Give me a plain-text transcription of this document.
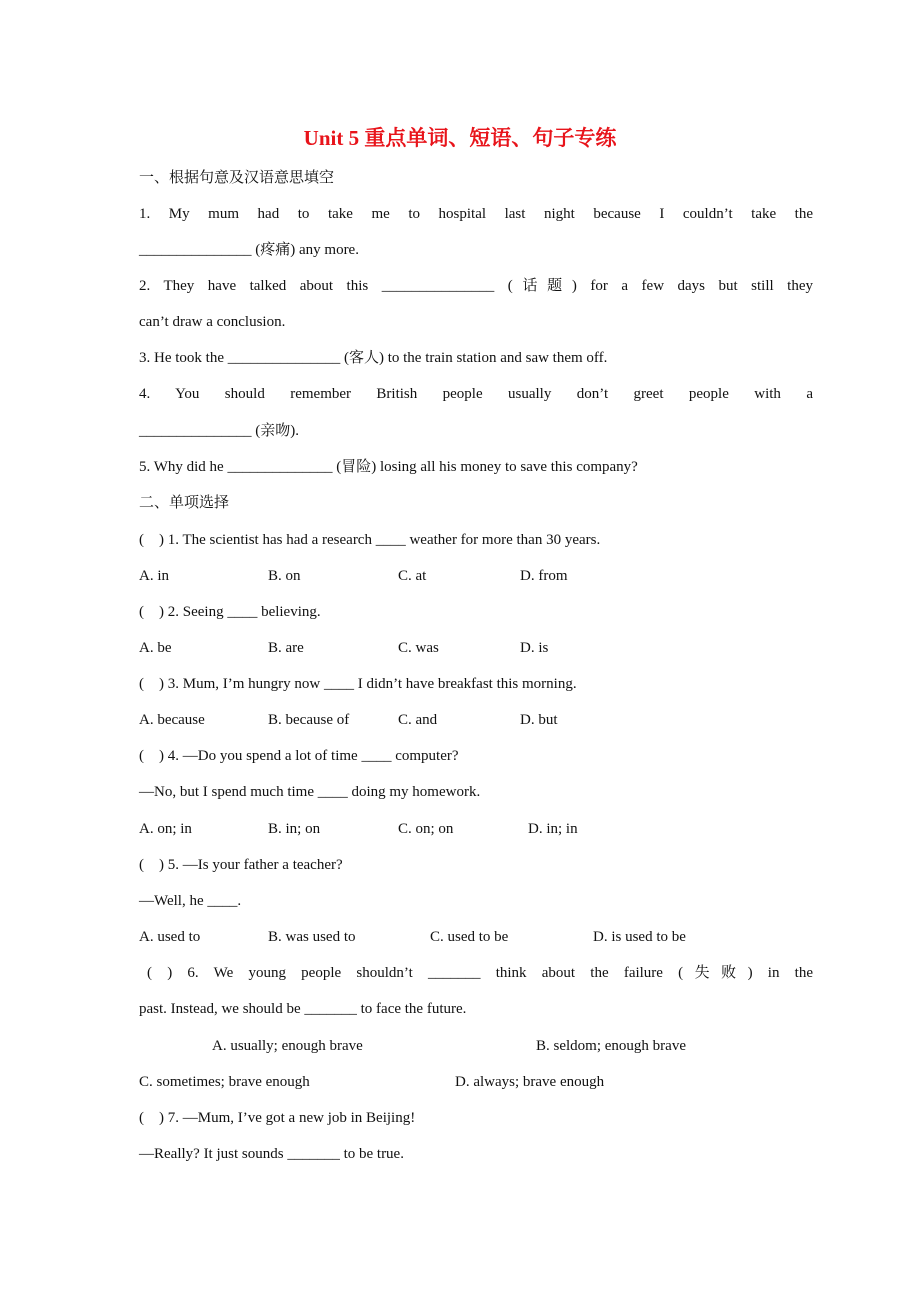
Unit 5 重点单词、短语、句子专练
一、根据句意及汉语意思填空
1. My mum had to take me to hospital last night because I couldn’t take the
_______________ (疼痛) any more.
2. They have talked about this _______________ (话题) for a few days but still they
can’t draw a conclusion.
3. He took the _______________ (客人) to the train station and saw them off.
4. You should remember British people usually don’t greet people with a
_______________ (亲吻).
5. Why did he ______________ (冒险) losing all his money to save this company?
二、单项选择
(    ) 1. The scientist has had a research ____ weather for more than 30 years.
A. in	B. on	C. at	D. from
(    ) 2. Seeing ____ believing.
A. be	B. are	C. was	D. is
(    ) 3. Mum, I’m hungry now ____ I didn’t have breakfast this morning.
A. because	B. because of	C. and	D. but
(    ) 4. —Do you spend a lot of time ____ computer?
—No, but I spend much time ____ doing my homework.
A. on; in	B. in; on	C. on; on	D. in; in
(    ) 5. —Is your father a teacher?
—Well, he ____.
A. used to	B. was used to	C. used to be	D. is used to be
( ) 6. We young people shouldn’t _______ think about the failure (失败) in the
past. Instead, we should be _______ to face the future.
A. usually; enough brave	B. seldom; enough brave
C. sometimes; brave enough	D. always; brave enough
(    ) 7. —Mum, I’ve got a new job in Beijing!
—Really? It just sounds _______ to be true.
